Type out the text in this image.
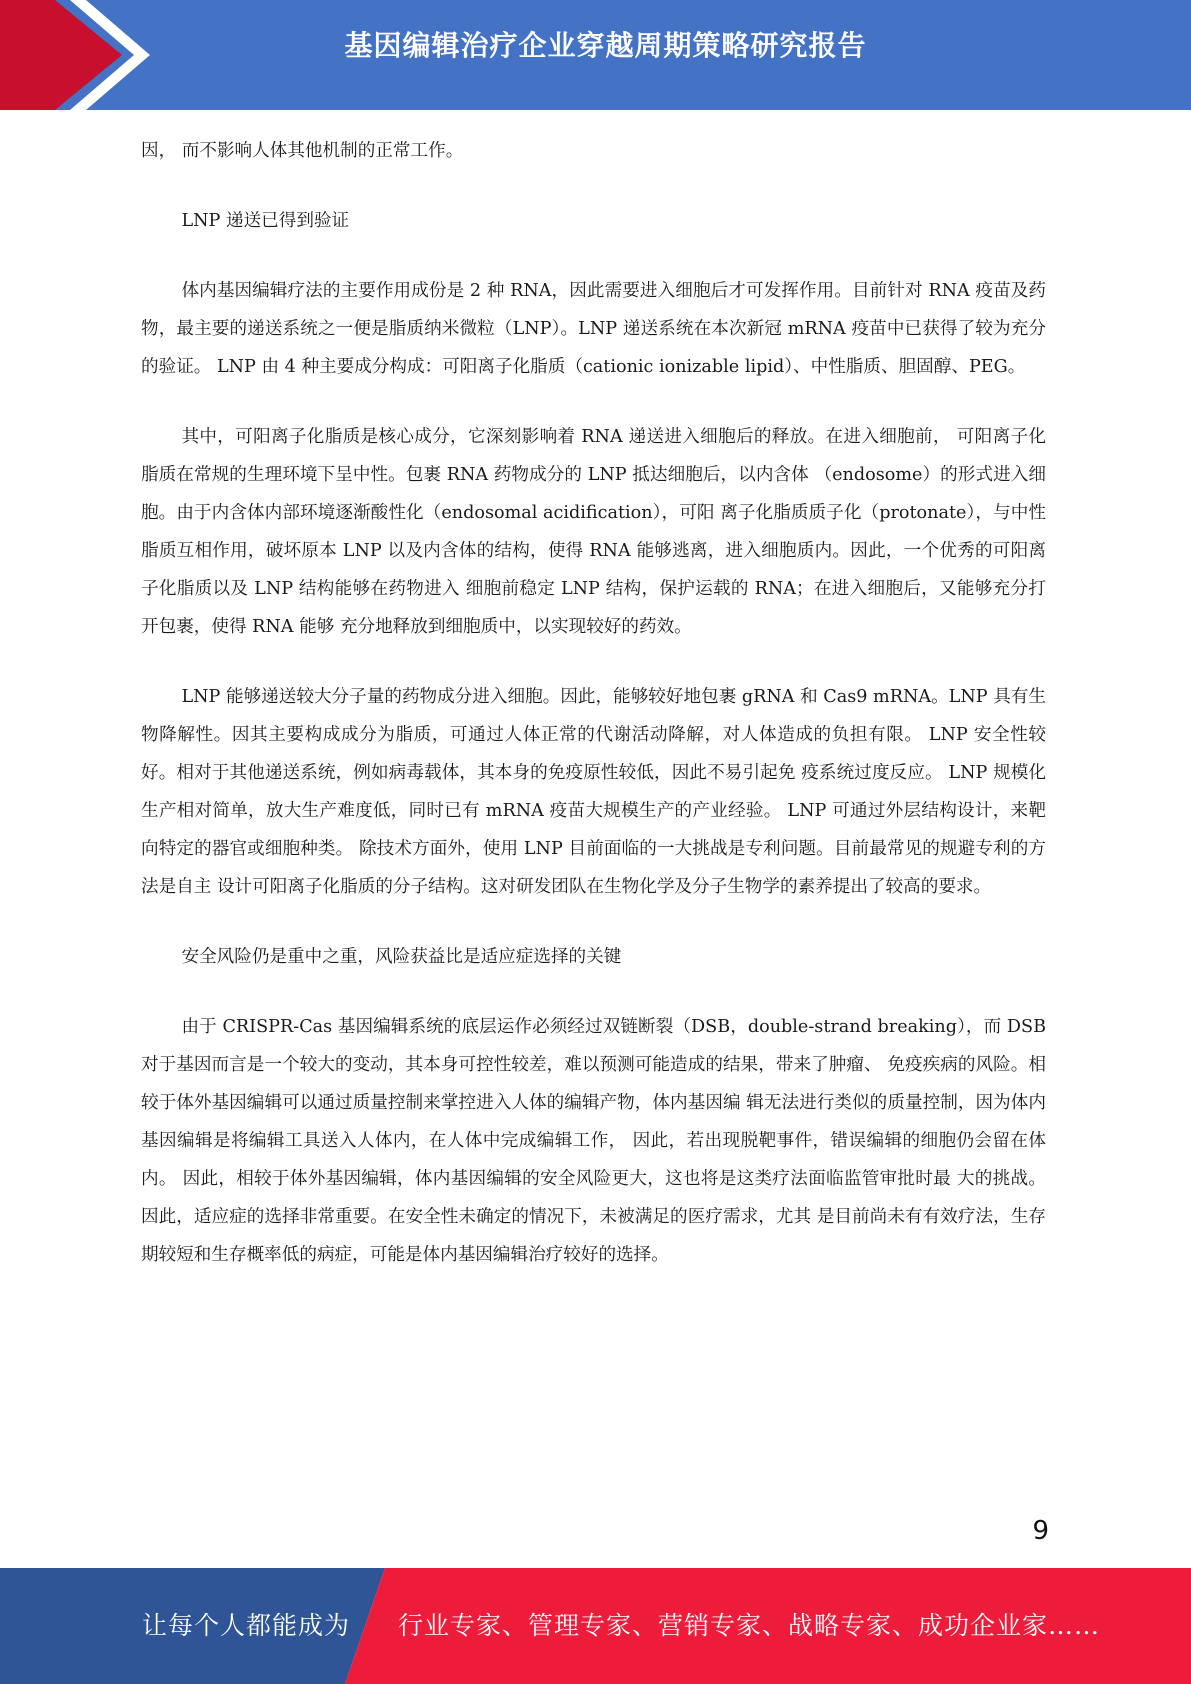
基因编辑治疗企业穿越周期策略研究报告

因， 而不影响人体其他机制的正常工作。

LNP 递送已得到验证

体内基因编辑疗法的主要作用成份是 2 种 RNA，因此需要进入细胞后才可发挥作用。目前针对 RNA 疫苗及药物，最主要的递送系统之一便是脂质纳米微粒（LNP）。LNP 递送系统在本次新冠 mRNA 疫苗中已获得了较为充分的验证。 LNP 由 4 种主要成分构成：可阳离子化脂质（cationic ionizable lipid）、中性脂质、胆固醇、PEG。

其中，可阳离子化脂质是核心成分，它深刻影响着 RNA 递送进入细胞后的释放。在进入细胞前， 可阳离子化脂质在常规的生理环境下呈中性。包裹 RNA 药物成分的 LNP 抵达细胞后，以内含体 （endosome）的形式进入细胞。由于内含体内部环境逐渐酸性化（endosomal acidification），可阳 离子化脂质质子化（protonate），与中性脂质互相作用，破坏原本 LNP 以及内含体的结构，使得 RNA 能够逃离，进入细胞质内。因此，一个优秀的可阳离子化脂质以及 LNP 结构能够在药物进入 细胞前稳定 LNP 结构，保护运载的 RNA；在进入细胞后，又能够充分打开包裹，使得 RNA 能够 充分地释放到细胞质中，以实现较好的药效。

LNP 能够递送较大分子量的药物成分进入细胞。因此，能够较好地包裹 gRNA 和 Cas9 mRNA。LNP 具有生物降解性。因其主要构成成分为脂质，可通过人体正常的代谢活动降解，对人体造成的负担有限。 LNP 安全性较好。相对于其他递送系统，例如病毒载体，其本身的免疫原性较低，因此不易引起免 疫系统过度反应。 LNP 规模化生产相对简单，放大生产难度低，同时已有 mRNA 疫苗大规模生产的产业经验。 LNP 可通过外层结构设计，来靶向特定的器官或细胞种类。 除技术方面外，使用 LNP 目前面临的一大挑战是专利问题。目前最常见的规避专利的方法是自主 设计可阳离子化脂质的分子结构。这对研发团队在生物化学及分子生物学的素养提出了较高的要求。

安全风险仍是重中之重，风险获益比是适应症选择的关键

由于 CRISPR-Cas 基因编辑系统的底层运作必须经过双链断裂（DSB，double-strand breaking），而 DSB 对于基因而言是一个较大的变动，其本身可控性较差，难以预测可能造成的结果，带来了肿瘤、 免疫疾病的风险。相较于体外基因编辑可以通过质量控制来掌控进入人体的编辑产物，体内基因编 辑无法进行类似的质量控制，因为体内基因编辑是将编辑工具送入人体内，在人体中完成编辑工作， 因此，若出现脱靶事件，错误编辑的细胞仍会留在体内。 因此，相较于体外基因编辑，体内基因编辑的安全风险更大，这也将是这类疗法面临监管审批时最 大的挑战。因此，适应症的选择非常重要。在安全性未确定的情况下，未被满足的医疗需求，尤其 是目前尚未有有效疗法，生存期较短和生存概率低的病症，可能是体内基因编辑治疗较好的选择。

9
让每个人都能成为 行业专家、管理专家、营销专家、战略专家、成功企业家……
